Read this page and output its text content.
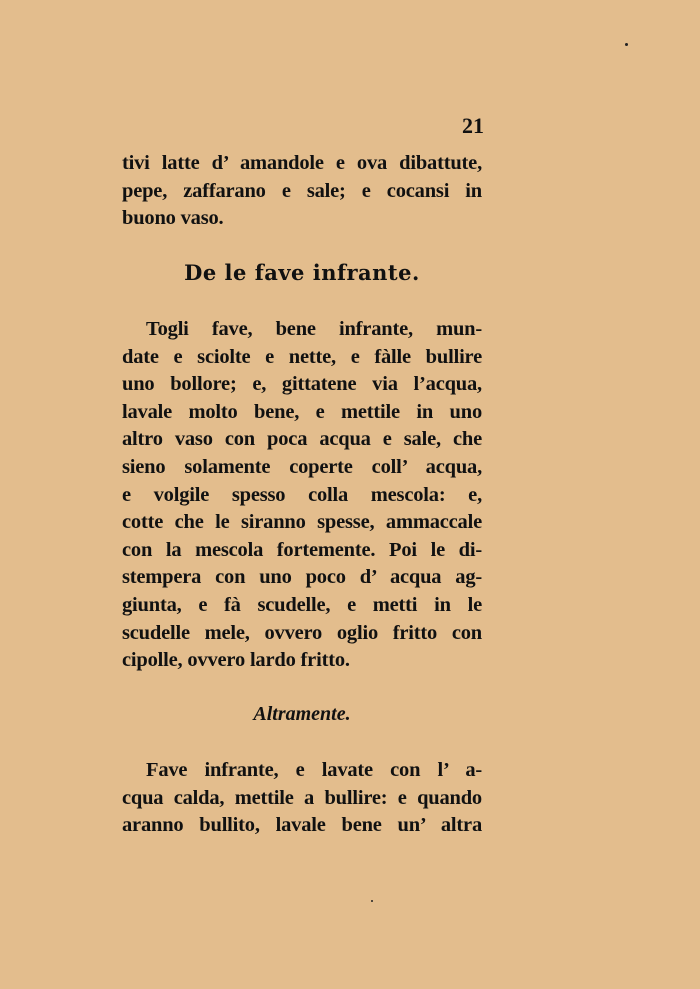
21
tivi latte d’ amandole e ova dibattute,
pepe, zaffarano e sale; e cocansi in
buono vaso.
De le fave infrante.
Togli fave, bene infrante, mun-
date e sciolte e nette, e fàlle bullire
uno bollore; e, gittatene via l’acqua,
lavale molto bene, e mettile in uno
altro vaso con poca acqua e sale, che
sieno solamente coperte coll’ acqua,
e volgile spesso colla mescola: e,
cotte che le siranno spesse, ammaccale
con la mescola fortemente. Poi le di-
stempera con uno poco d’ acqua ag-
giunta, e fà scudelle, e metti in le
scudelle mele, ovvero oglio fritto con
cipolle, ovvero lardo fritto.
Altramente.
Fave infrante, e lavate con l’ a-
cqua calda, mettile a bullire: e quando
aranno bullito, lavale bene un’ altra
